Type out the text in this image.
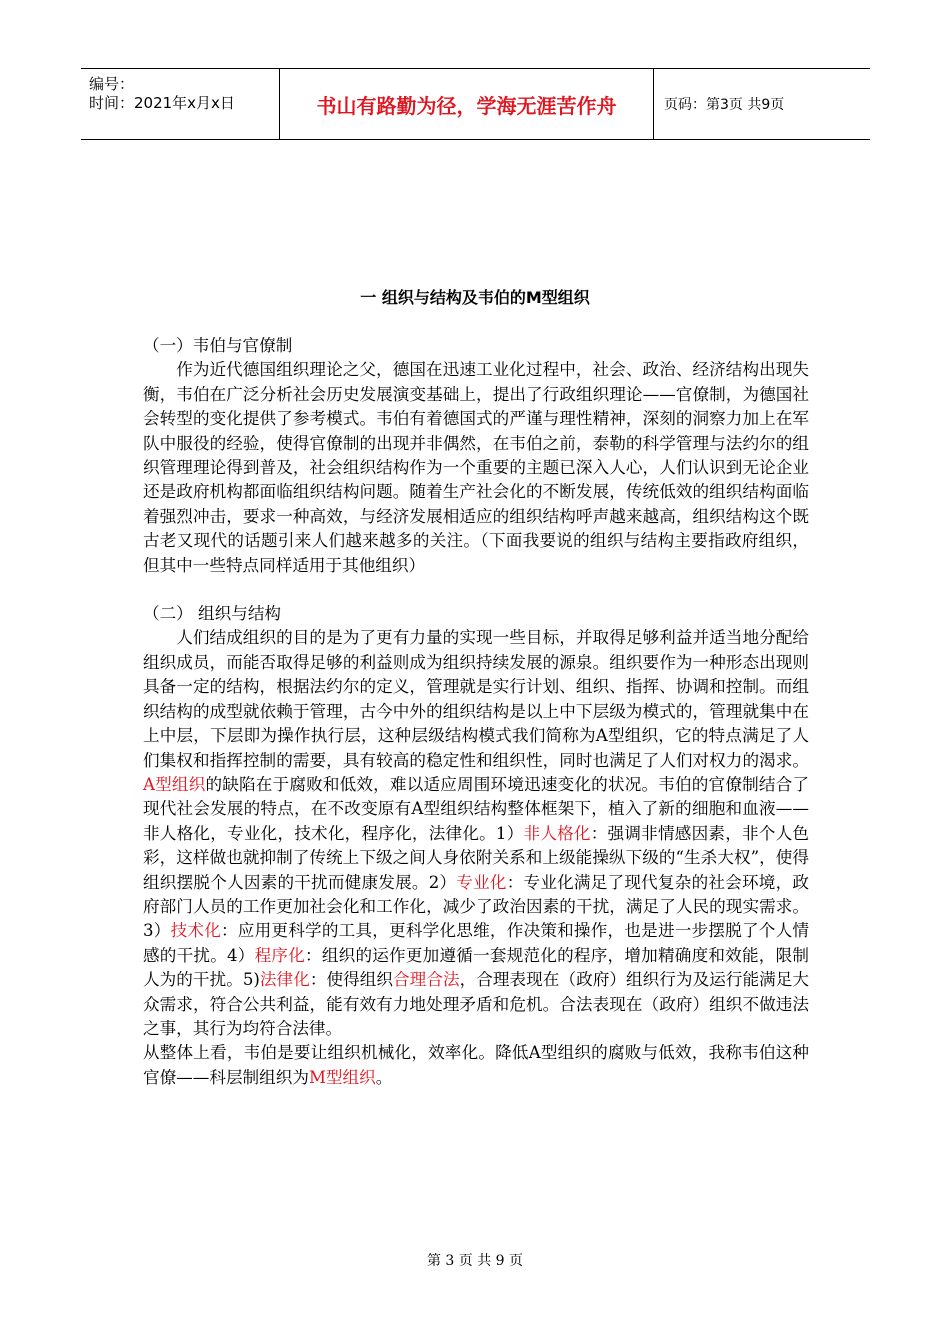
编号：
时间：2021年x月x日	书山有路勤为径，学海无涯苦作舟	页码：第3页 共9页
一 组织与结构及韦伯的M型组织

（一）韦伯与官僚制

作为近代德国组织理论之父，德国在迅速工业化过程中，社会、政治、经济结构出现失衡，韦伯在广泛分析社会历史发展演变基础上，提出了行政组织理论——官僚制，为德国社会转型的变化提供了参考模式。韦伯有着德国式的严谨与理性精神，深刻的洞察力加上在军队中服役的经验，使得官僚制的出现并非偶然，在韦伯之前，泰勒的科学管理与法约尔的组织管理理论得到普及，社会组织结构作为一个重要的主题已深入人心，人们认识到无论企业还是政府机构都面临组织结构问题。随着生产社会化的不断发展，传统低效的组织结构面临着强烈冲击，要求一种高效，与经济发展相适应的组织结构呼声越来越高，组织结构这个既古老又现代的话题引来人们越来越多的关注。（下面我要说的组织与结构主要指政府组织，但其中一些特点同样适用于其他组织）

（二） 组织与结构

人们结成组织的目的是为了更有力量的实现一些目标，并取得足够利益并适当地分配给组织成员，而能否取得足够的利益则成为组织持续发展的源泉。组织要作为一种形态出现则具备一定的结构，根据法约尔的定义，管理就是实行计划、组织、指挥、协调和控制。而组织结构的成型就依赖于管理，古今中外的组织结构是以上中下层级为模式的，管理就集中在上中层，下层即为操作执行层，这种层级结构模式我们简称为A型组织，它的特点满足了人们集权和指挥控制的需要，具有较高的稳定性和组织性，同时也满足了人们对权力的渴求。A型组织的缺陷在于腐败和低效，难以适应周围环境迅速变化的状况。韦伯的官僚制结合了现代社会发展的特点，在不改变原有A型组织结构整体框架下，植入了新的细胞和血液——非人格化，专业化，技术化，程序化，法律化。1）非人格化：强调非情感因素，非个人色彩，这样做也就抑制了传统上下级之间人身依附关系和上级能操纵下级的“生杀大权”，使得组织摆脱个人因素的干扰而健康发展。2）专业化：专业化满足了现代复杂的社会环境，政府部门人员的工作更加社会化和工作化，减少了政治因素的干扰，满足了人民的现实需求。3）技术化：应用更科学的工具，更科学化思维，作决策和操作，也是进一步摆脱了个人情感的干扰。4）程序化：组织的运作更加遵循一套规范化的程序，增加精确度和效能，限制人为的干扰。5)法律化：使得组织合理合法，合理表现在（政府）组织行为及运行能满足大众需求，符合公共利益，能有效有力地处理矛盾和危机。合法表现在（政府）组织不做违法之事，其行为均符合法律。

从整体上看，韦伯是要让组织机械化，效率化。降低A型组织的腐败与低效，我称韦伯这种官僚——科层制组织为M型组织。

第 3 页 共 9 页
